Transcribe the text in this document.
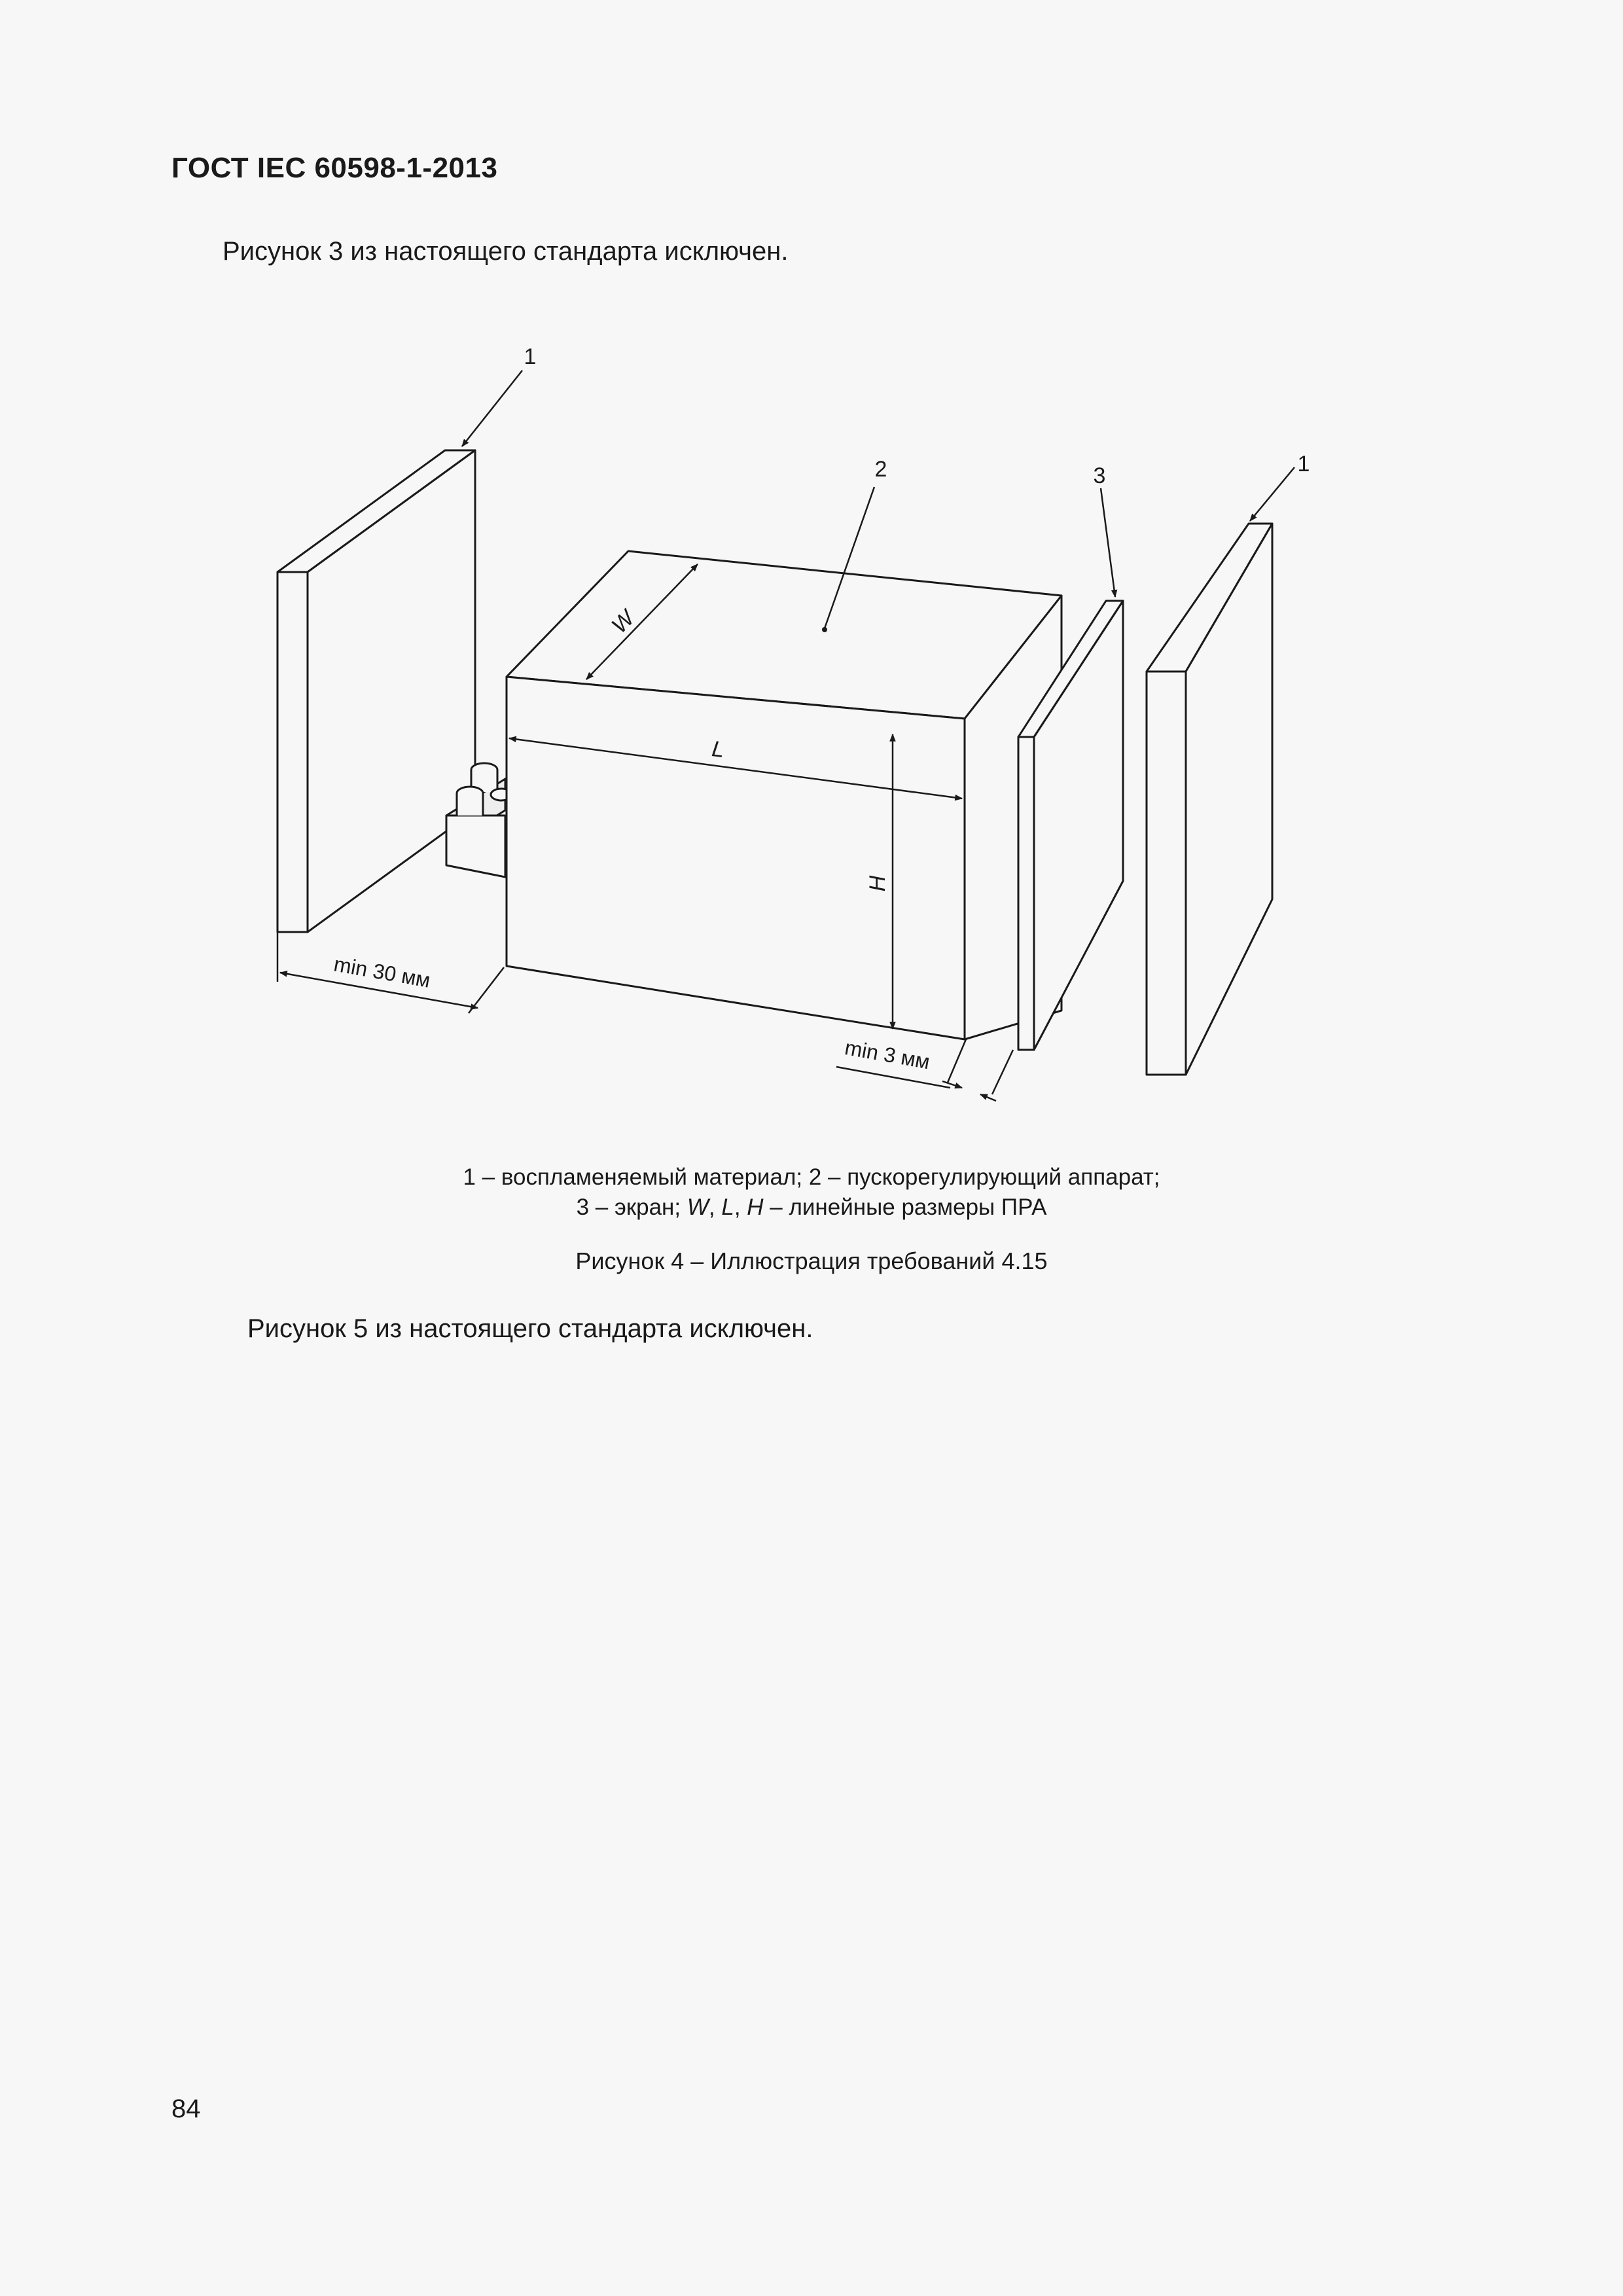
ГОСТ IEC 60598-1-2013
Рисунок 3 из настоящего стандарта исключен.
1
2	3	1
W
L
H
min 30 мм
min 3 мм
1 – воспламеняемый материал; 2 – пускорегулирующий аппарат;
3 – экран; W, L, H – линейные размеры ПРА
Рисунок 4 – Иллюстрация требований 4.15
Рисунок 5 из настоящего стандарта исключен.
84
